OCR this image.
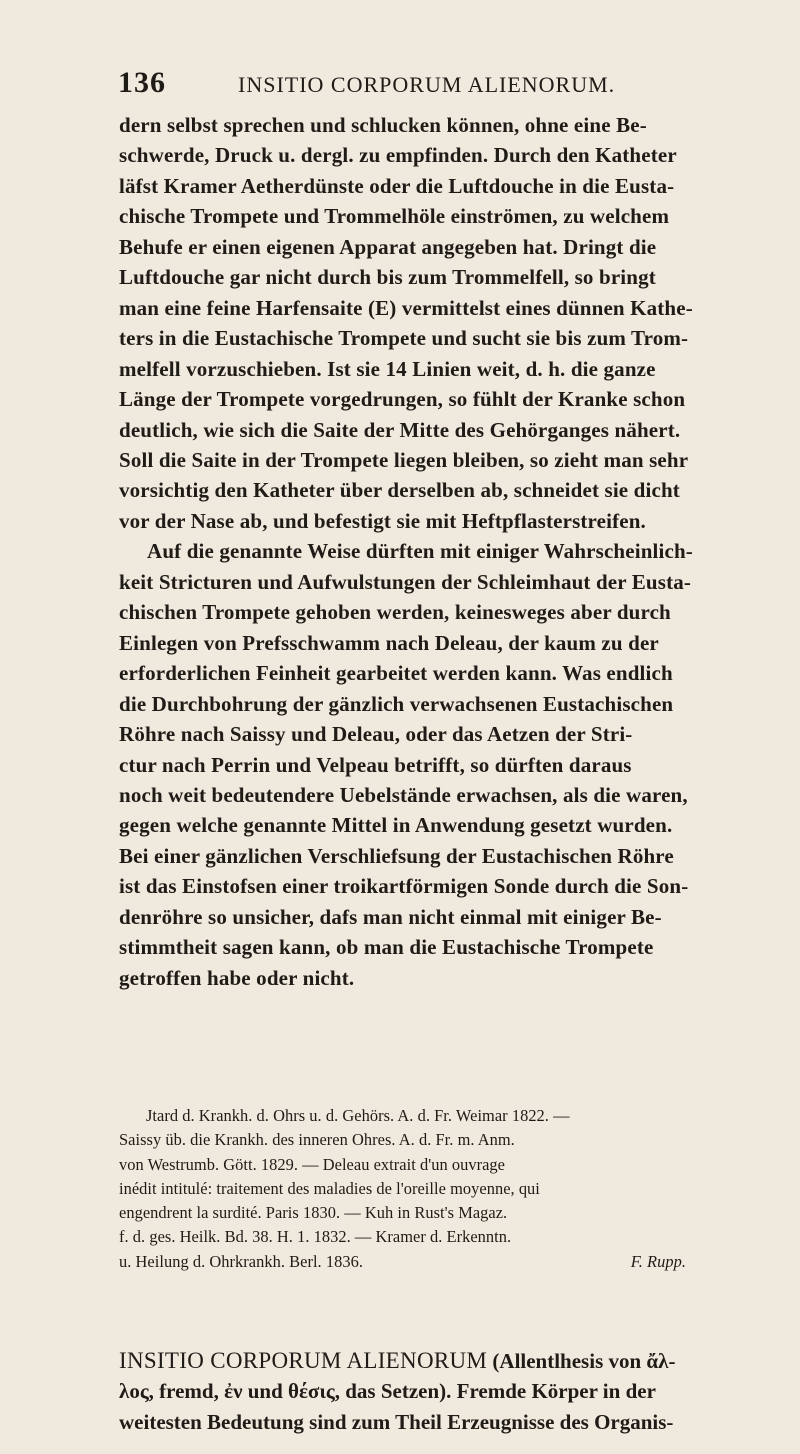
136	INSITIO CORPORUM ALIENORUM.
dern selbst sprechen und schlucken können, ohne eine Be-
schwerde, Druck u. dergl. zu empfinden. Durch den Katheter
läfst Kramer Aetherdünste oder die Luftdouche in die Eusta-
chische Trompete und Trommelhöle einströmen, zu welchem
Behufe er einen eigenen Apparat angegeben hat. Dringt die
Luftdouche gar nicht durch bis zum Trommelfell, so bringt
man eine feine Harfensaite (E) vermittelst eines dünnen Kathe-
ters in die Eustachische Trompete und sucht sie bis zum Trom-
melfell vorzuschieben. Ist sie 14 Linien weit, d. h. die ganze
Länge der Trompete vorgedrungen, so fühlt der Kranke schon
deutlich, wie sich die Saite der Mitte des Gehörganges nähert.
Soll die Saite in der Trompete liegen bleiben, so zieht man sehr
vorsichtig den Katheter über derselben ab, schneidet sie dicht
vor der Nase ab, und befestigt sie mit Heftpflasterstreifen.
Auf die genannte Weise dürften mit einiger Wahrscheinlich-
keit Stricturen und Aufwulstungen der Schleimhaut der Eusta-
chischen Trompete gehoben werden, keinesweges aber durch
Einlegen von Prefsschwamm nach Deleau, der kaum zu der
erforderlichen Feinheit gearbeitet werden kann. Was endlich
die Durchbohrung der gänzlich verwachsenen Eustachischen
Röhre nach Saissy und Deleau, oder das Aetzen der Stri-
ctur nach Perrin und Velpeau betrifft, so dürften daraus
noch weit bedeutendere Uebelstände erwachsen, als die waren,
gegen welche genannte Mittel in Anwendung gesetzt wurden.
Bei einer gänzlichen Verschliefsung der Eustachischen Röhre
ist das Einstofsen einer troikartförmigen Sonde durch die Son-
denröhre so unsicher, dafs man nicht einmal mit einiger Be-
stimmtheit sagen kann, ob man die Eustachische Trompete
getroffen habe oder nicht.
Jtard d. Krankh. d. Ohrs u. d. Gehörs. A. d. Fr. Weimar 1822. —
Saissy üb. die Krankh. des inneren Ohres. A. d. Fr. m. Anm.
von Westrumb. Gött. 1829. — Deleau extrait d'un ouvrage
inédit intitulé: traitement des maladies de l'oreille moyenne, qui
engendrent la surdité. Paris 1830. — Kuh in Rust's Magaz.
f. d. ges. Heilk. Bd. 38. H. 1. 1832. — Kramer d. Erkenntn.
u. Heilung d. Ohrkrankh. Berl. 1836.	F. Rupp.
INSITIO CORPORUM ALIENORUM (Allentlhesis von ἄλ-
λος, fremd, ἐν und θέσις, das Setzen). Fremde Körper in der
weitesten Bedeutung sind zum Theil Erzeugnisse des Organis-
